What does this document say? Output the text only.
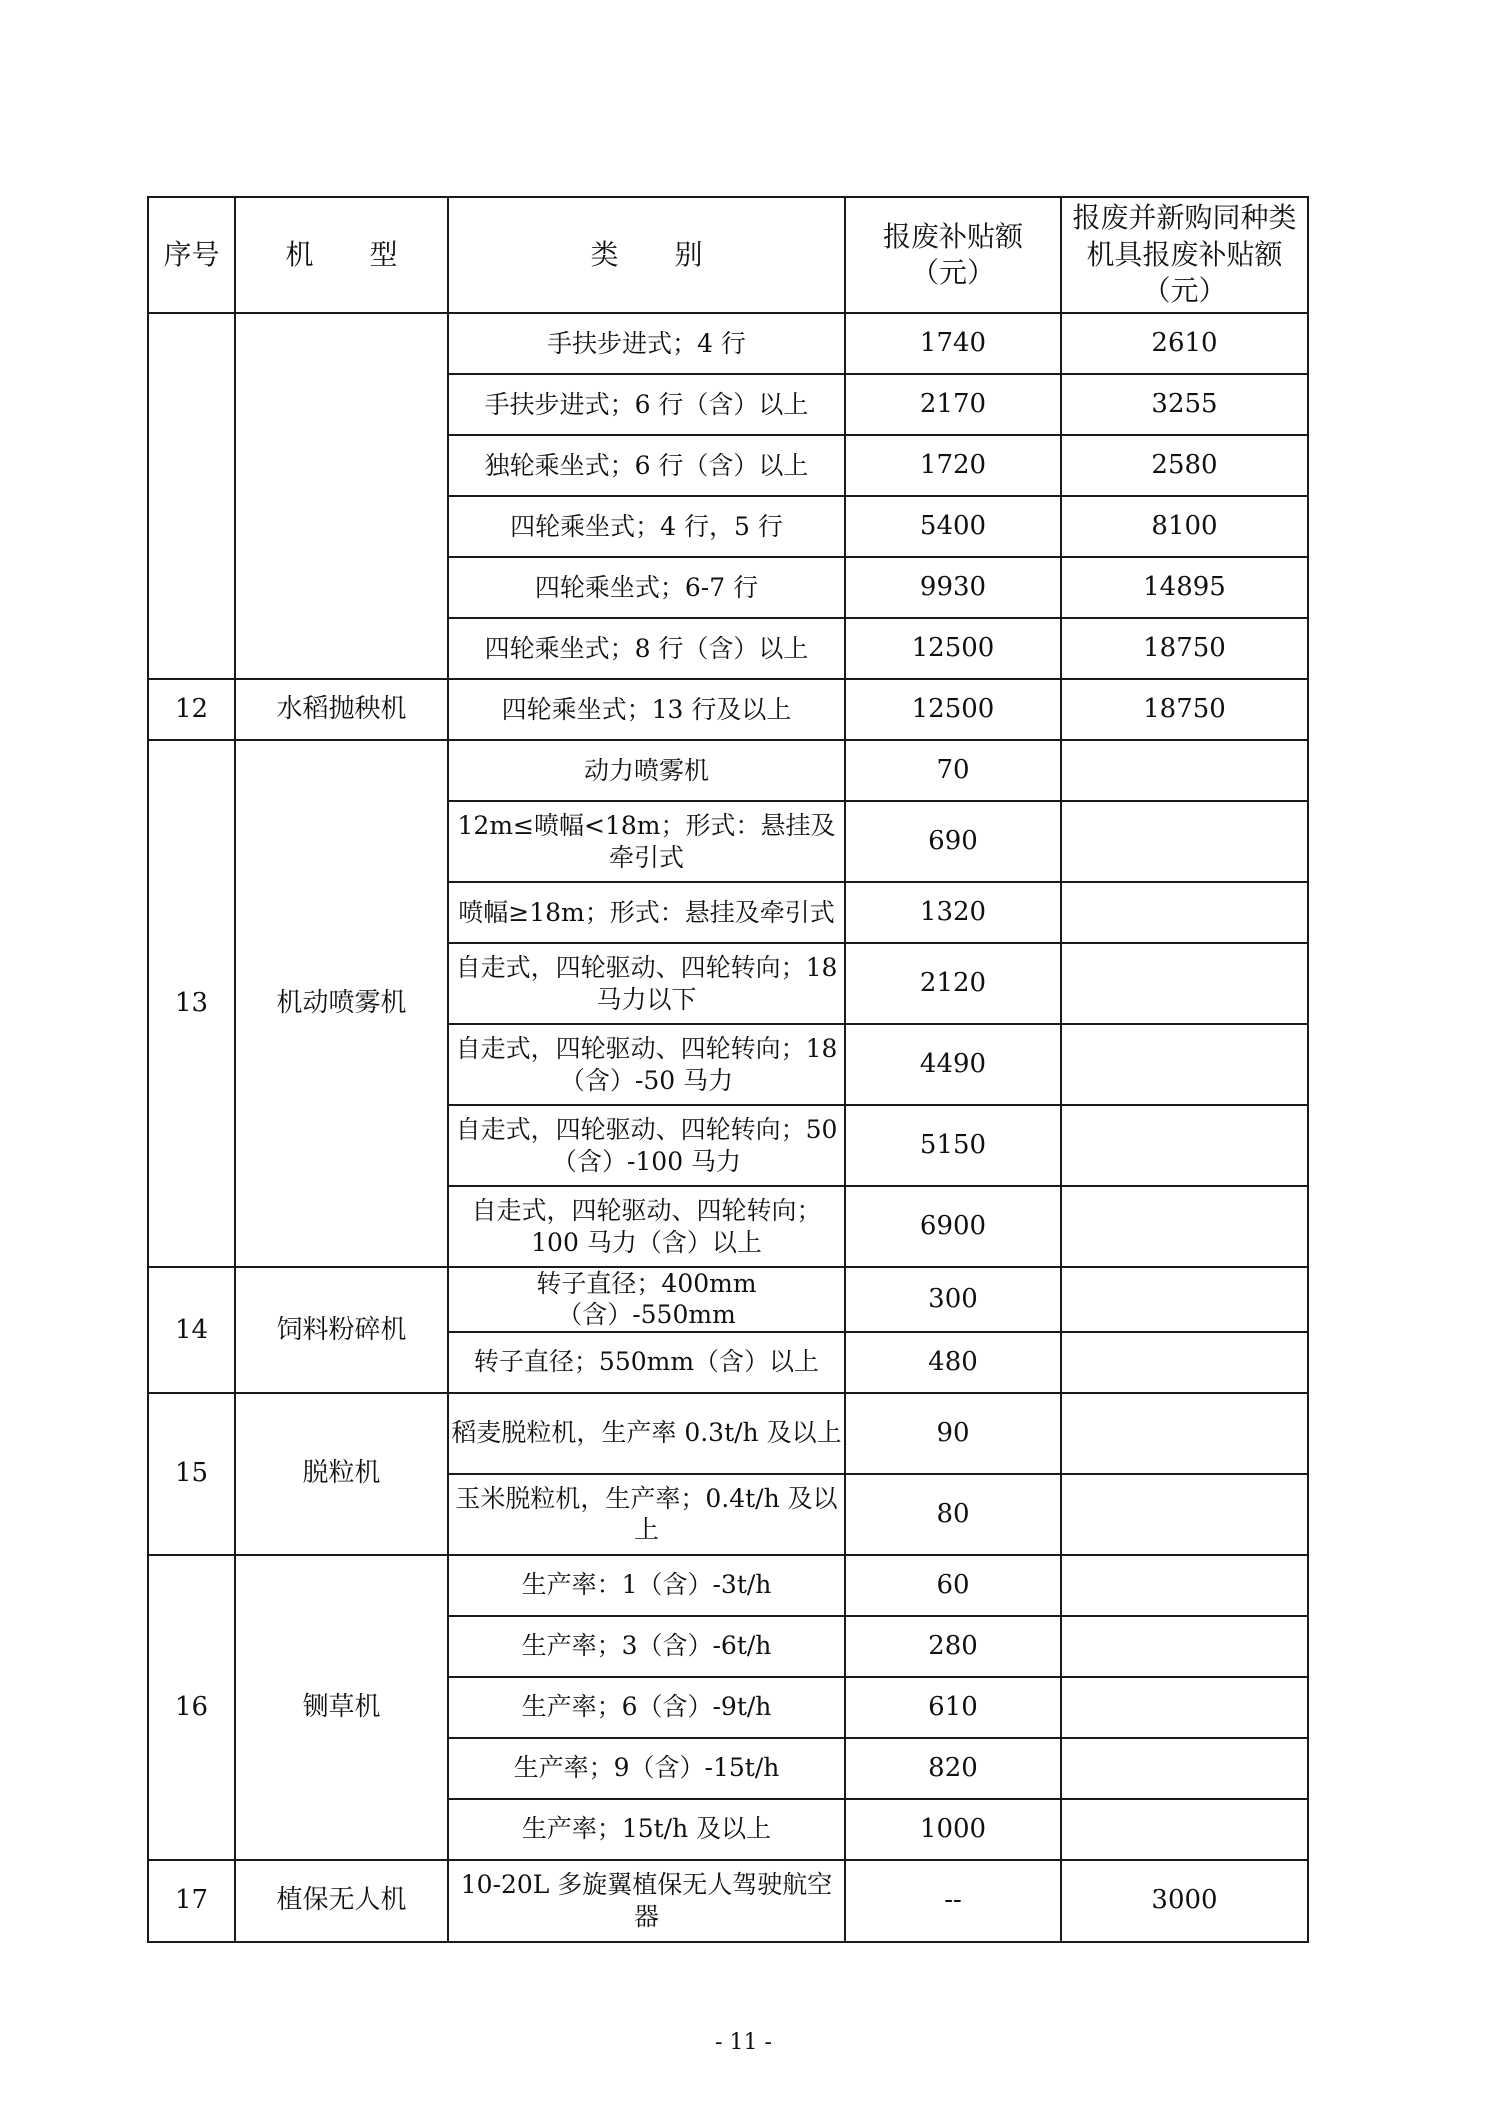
序号	机　　型	类　　别	报废补贴额（元）	报废并新购同种类机具报废补贴额（元）
		手扶步进式；4 行	1740	2610
		手扶步进式；6 行（含）以上	2170	3255
		独轮乘坐式；6 行（含）以上	1720	2580
		四轮乘坐式；4 行，5 行	5400	8100
		四轮乘坐式；6-7 行	9930	14895
		四轮乘坐式；8 行（含）以上	12500	18750
12	水稻抛秧机	四轮乘坐式；13 行及以上	12500	18750
13	机动喷雾机	动力喷雾机	70	
		12m≤喷幅<18m；形式：悬挂及牵引式	690	
		喷幅≥18m；形式：悬挂及牵引式	1320	
		自走式，四轮驱动、四轮转向；18 马力以下	2120	
		自走式，四轮驱动、四轮转向；18（含）-50 马力	4490	
		自走式，四轮驱动、四轮转向；50（含）-100 马力	5150	
		自走式，四轮驱动、四轮转向；100 马力（含）以上	6900	
14	饲料粉碎机	转子直径；400mm（含）-550mm	300	
		转子直径；550mm（含）以上	480	
15	脱粒机	稻麦脱粒机，生产率 0.3t/h 及以上	90	
		玉米脱粒机，生产率；0.4t/h 及以上	80	
16	铡草机	生产率：1（含）-3t/h	60	
		生产率；3（含）-6t/h	280	
		生产率；6（含）-9t/h	610	
		生产率；9（含）-15t/h	820	
		生产率；15t/h 及以上	1000	
17	植保无人机	10-20L 多旋翼植保无人驾驶航空器	--	3000
- 11 -
